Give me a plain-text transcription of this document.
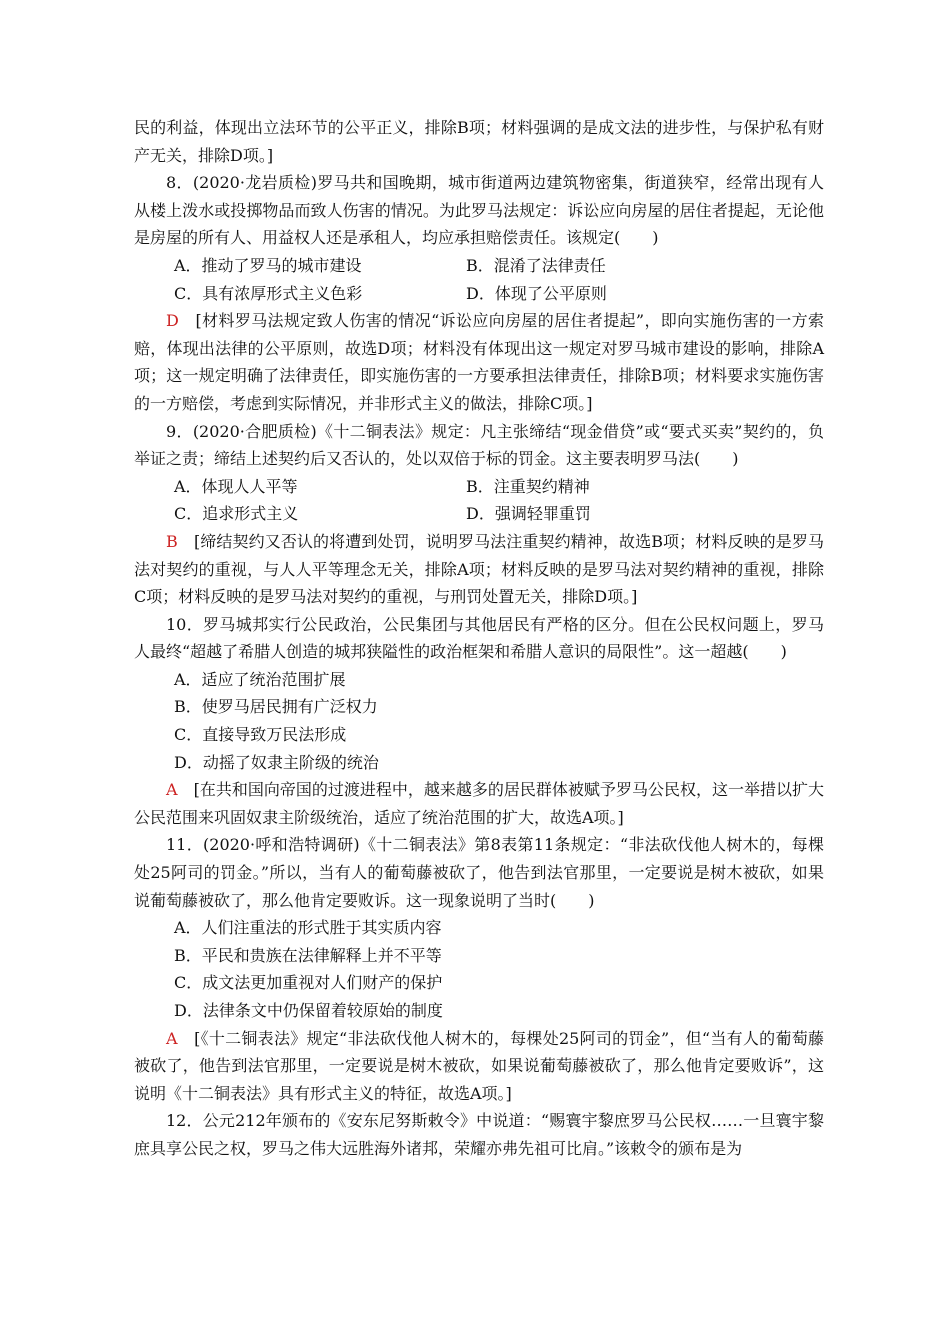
民的利益，体现出立法环节的公平正义，排除B项；材料强调的是成文法的进步性，与保护私有财产无关，排除D项。]

8．(2020·龙岩质检)罗马共和国晚期，城市街道两边建筑物密集，街道狭窄，经常出现有人从楼上泼水或投掷物品而致人伤害的情况。为此罗马法规定：诉讼应向房屋的居住者提起，无论他是房屋的所有人、用益权人还是承租人，均应承担赔偿责任。该规定(　　)

A．推动了罗马的城市建设	B．混淆了法律责任
C．具有浓厚形式主义色彩	D．体现了公平原则

D　[材料罗马法规定致人伤害的情况“诉讼应向房屋的居住者提起”，即向实施伤害的一方索赔，体现出法律的公平原则，故选D项；材料没有体现出这一规定对罗马城市建设的影响，排除A项；这一规定明确了法律责任，即实施伤害的一方要承担法律责任，排除B项；材料要求实施伤害的一方赔偿，考虑到实际情况，并非形式主义的做法，排除C项。]

9．(2020·合肥质检)《十二铜表法》规定：凡主张缔结“现金借贷”或“要式买卖”契约的，负举证之责；缔结上述契约后又否认的，处以双倍于标的罚金。这主要表明罗马法(　　)

A．体现人人平等	B．注重契约精神
C．追求形式主义	D．强调轻罪重罚

B　[缔结契约又否认的将遭到处罚，说明罗马法注重契约精神，故选B项；材料反映的是罗马法对契约的重视，与人人平等理念无关，排除A项；材料反映的是罗马法对契约精神的重视，排除C项；材料反映的是罗马法对契约的重视，与刑罚处置无关，排除D项。]

10．罗马城邦实行公民政治，公民集团与其他居民有严格的区分。但在公民权问题上，罗马人最终“超越了希腊人创造的城邦狭隘性的政治框架和希腊人意识的局限性”。这一超越(　　)

A．适应了统治范围扩展
B．使罗马居民拥有广泛权力
C．直接导致万民法形成
D．动摇了奴隶主阶级的统治

A　[在共和国向帝国的过渡进程中，越来越多的居民群体被赋予罗马公民权，这一举措以扩大公民范围来巩固奴隶主阶级统治，适应了统治范围的扩大，故选A项。]

11．(2020·呼和浩特调研)《十二铜表法》第8表第11条规定：“非法砍伐他人树木的，每棵处25阿司的罚金。”所以，当有人的葡萄藤被砍了，他告到法官那里，一定要说是树木被砍，如果说葡萄藤被砍了，那么他肯定要败诉。这一现象说明了当时(　　)

A．人们注重法的形式胜于其实质内容
B．平民和贵族在法律解释上并不平等
C．成文法更加重视对人们财产的保护
D．法律条文中仍保留着较原始的制度

A　[《十二铜表法》规定“非法砍伐他人树木的，每棵处25阿司的罚金”，但“当有人的葡萄藤被砍了，他告到法官那里，一定要说是树木被砍，如果说葡萄藤被砍了，那么他肯定要败诉”，这说明《十二铜表法》具有形式主义的特征，故选A项。]

12．公元212年颁布的《安东尼努斯敕令》中说道：“赐寰宇黎庶罗马公民权……一旦寰宇黎庶具享公民之权，罗马之伟大远胜海外诸邦，荣耀亦弗先祖可比肩。”该敕令的颁布是为
